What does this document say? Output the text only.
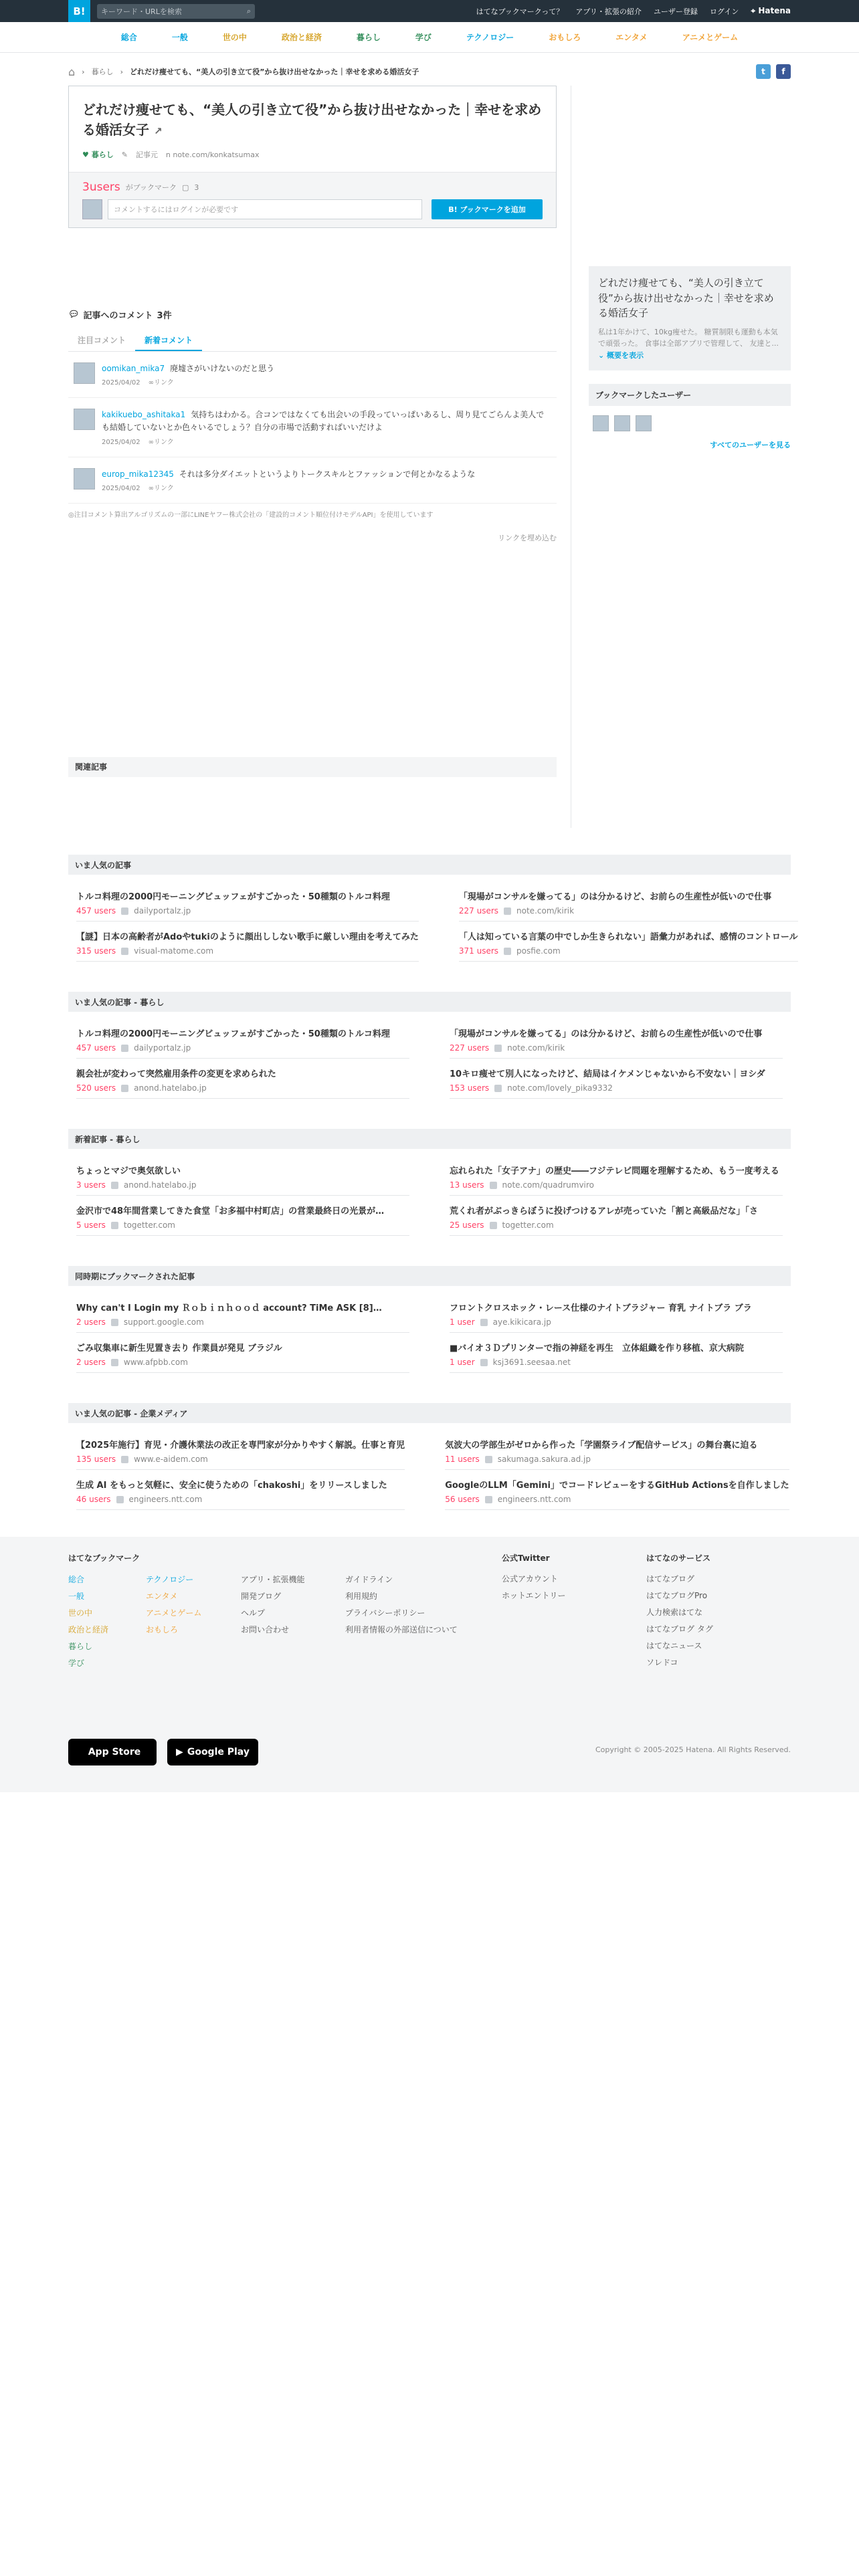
B!	キーワード・URLを検索	⌕	はてなブックマークって？ アプリ・拡張の紹介 ユーザー登録 ログイン ⌖ Hatena
総合	一般	世の中	政治と経済	暮らし	学び	テクノロジー	おもしろ	エンタメ	アニメとゲーム
⌂ › 暮らし › どれだけ痩せても、“美人の引き立て役”から抜け出せなかった｜幸せを求める婚活女子	t	f
どれだけ痩せても、“美人の引き立て役”から抜け出せなかった｜幸せを求める婚活女子 ↗
♥ 暮らし ✎ 記事元 n note.com/konkatsumax
3users がブックマーク ▢ 3
コメントするにはログインが必要です	B! ブックマークを追加
💬︎ 記事へのコメント 3件
注目コメント	新着コメント
oomikan_mika7 廃墟さがいけないのだと思う
2025/04/02 ∞リンク
kakikuebo_ashitaka1 気持ちはわかる。合コンではなくても出会いの手段っていっぱいあるし、周り見てごらんよ美人でも結婚していないとか色々いるでしょう？自分の市場で活動すればいいだけよ
2025/04/02 ∞リンク
europ_mika12345 それは多分ダイエットというよりトークスキルとファッションで何とかなるような
2025/04/02 ∞リンク
◎注目コメント算出アルゴリズムの一部にLINEヤフー株式会社の「建設的コメント順位付けモデルAPI」を使用しています
リンクを埋め込む
関連記事
どれだけ痩せても、“美人の引き立て役”から抜け出せなかった｜幸せを求める婚活女子
私は1年かけて、10kg痩せた。 糖質制限も運動も本気で頑張った。 食事は全部アプリで管理して、 友達と... ⌄ 概要を表示
ブックマークしたユーザー
すべてのユーザーを見る
いま人気の記事
トルコ料理の2000円モーニングビュッフェがすごかった・50種類のトルコ料理
457 users dailyportalz.jp
「現場がコンサルを嫌ってる」のは分かるけど、お前らの生産性が低いので仕事
227 users note.com/kirik
【謎】日本の高齢者がAdoやtukiのように顔出ししない歌手に厳しい理由を考えてみた
315 users visual-matome.com
「人は知っている言葉の中でしか生きられない」語彙力があれば、感情のコントロール
371 users posfie.com
いま人気の記事 - 暮らし
トルコ料理の2000円モーニングビュッフェがすごかった・50種類のトルコ料理
457 users dailyportalz.jp
「現場がコンサルを嫌ってる」のは分かるけど、お前らの生産性が低いので仕事
227 users note.com/kirik
親会社が変わって突然雇用条件の変更を求められた
520 users anond.hatelabo.jp
10キロ痩せて別人になったけど、結局はイケメンじゃないから不安ない｜ヨシダ
153 users note.com/lovely_pika9332
新着記事 - 暮らし
ちょっとマジで奥気欲しい
3 users anond.hatelabo.jp
忘れられた「女子アナ」の歴史――フジテレビ問題を理解するため、もう一度考える
13 users note.com/quadrumviro
金沢市で48年間営業してきた食堂「お多福中村町店」の営業最終日の光景が…
5 users togetter.com
荒くれ者がぶっきらぼうに投げつけるアレが売っていた「割と高級品だな」「さ
25 users togetter.com
同時期にブックマークされた記事
Why can't I Login my Ｒｏｂｉｎｈｏｏｄ account? TiMe ASK [8]…
2 users support.google.com
フロントクロスホック・レース仕様のナイトブラジャー 育乳 ナイトブラ ブラ
1 user aye.kikicara.jp
ごみ収集車に新生児置き去り 作業員が発見 ブラジル
2 users www.afpbb.com
■バイオ３Ｄプリンターで指の神経を再生　立体組織を作り移植、京大病院
1 user ksj3691.seesaa.net
いま人気の記事 - 企業メディア
【2025年施行】育児・介護休業法の改正を専門家が分かりやすく解説。仕事と育児
135 users www.e-aidem.com
気波大の学部生がゼロから作った「学園祭ライブ配信サービス」の舞台裏に迫る
11 users sakumaga.sakura.ad.jp
生成 AI をもっと気軽に、安全に使うための「chakoshi」をリリースしました
46 users engineers.ntt.com
GoogleのLLM「Gemini」でコードレビューをするGitHub Actionsを自作しました
56 users engineers.ntt.com
はてなブックマーク
総合
一般
世の中
政治と経済
暮らし
学び
テクノロジー
エンタメ
アニメとゲーム
おもしろ
アプリ・拡張機能
開発ブログ
ヘルプ
お問い合わせ
ガイドライン
利用規約
プライバシーポリシー
利用者情報の外部送信について
公式Twitter
公式アカウント
ホットエントリー
はてなのサービス
はてなブログ
はてなブログPro
人力検索はてな
はてなブログ タグ
はてなニュース
ソレドコ
App Store	▶ Google Play	Copyright © 2005-2025 Hatena. All Rights Reserved.
